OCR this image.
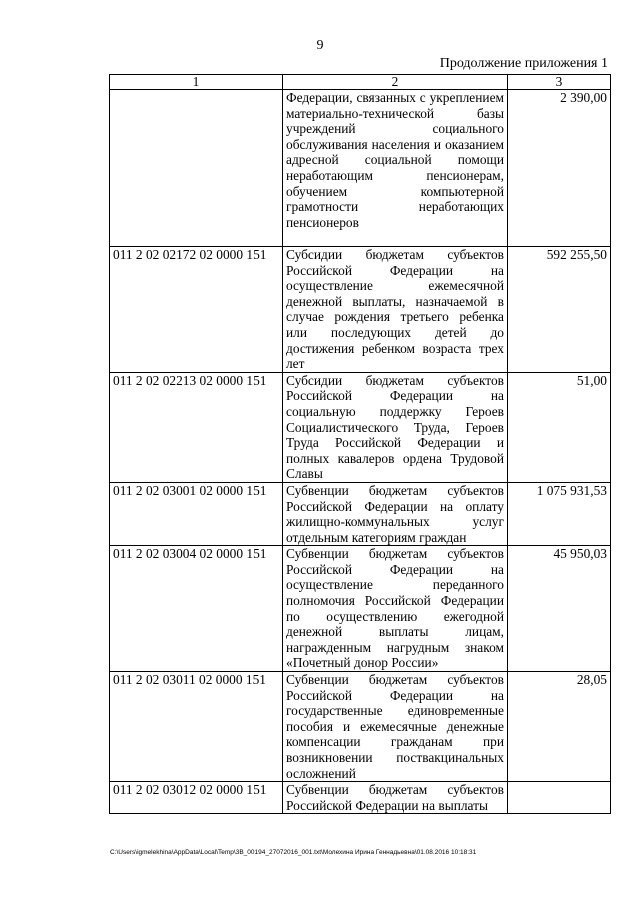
9
Продолжение приложения 1
1	2	3
	Федерации, связанных с укреплением материально-технической базы учреждений социального обслуживания населения и оказанием адресной социальной помощи неработающим пенсионерам, обучением компьютерной грамотности неработающих пенсионеров	2 390,00
011 2 02 02172 02 0000 151	Субсидии бюджетам субъектов Российской Федерации на осуществление ежемесячной денежной выплаты, назначаемой в случае рождения третьего ребенка или последующих детей до достижения ребенком возраста трех лет	592 255,50
011 2 02 02213 02 0000 151	Субсидии бюджетам субъектов Российской Федерации на социальную поддержку Героев Социалистического Труда, Героев Труда Российской Федерации и полных кавалеров ордена Трудовой Славы	51,00
011 2 02 03001 02 0000 151	Субвенции бюджетам субъектов Российской Федерации на оплату жилищно-коммунальных услуг отдельным категориям граждан	1 075 931,53
011 2 02 03004 02 0000 151	Субвенции бюджетам субъектов Российской Федерации на осуществление переданного полномочия Российской Федерации по осуществлению ежегодной денежной выплаты лицам, награжденным нагрудным знаком «Почетный донор России»	45 950,03
011 2 02 03011 02 0000 151	Субвенции бюджетам субъектов Российской Федерации на государственные единовременные пособия и ежемесячные денежные компенсации гражданам при возникновении поствакцинальных осложнений	28,05
011 2 02 03012 02 0000 151	Субвенции бюджетам субъектов Российской Федерации на выплаты	
C:\Users\igmelekhina\AppData\Local\Temp\3B_00194_27072016_001.txt\Молехина Ирина Геннадьевна\01.08.2016 10:18:31
